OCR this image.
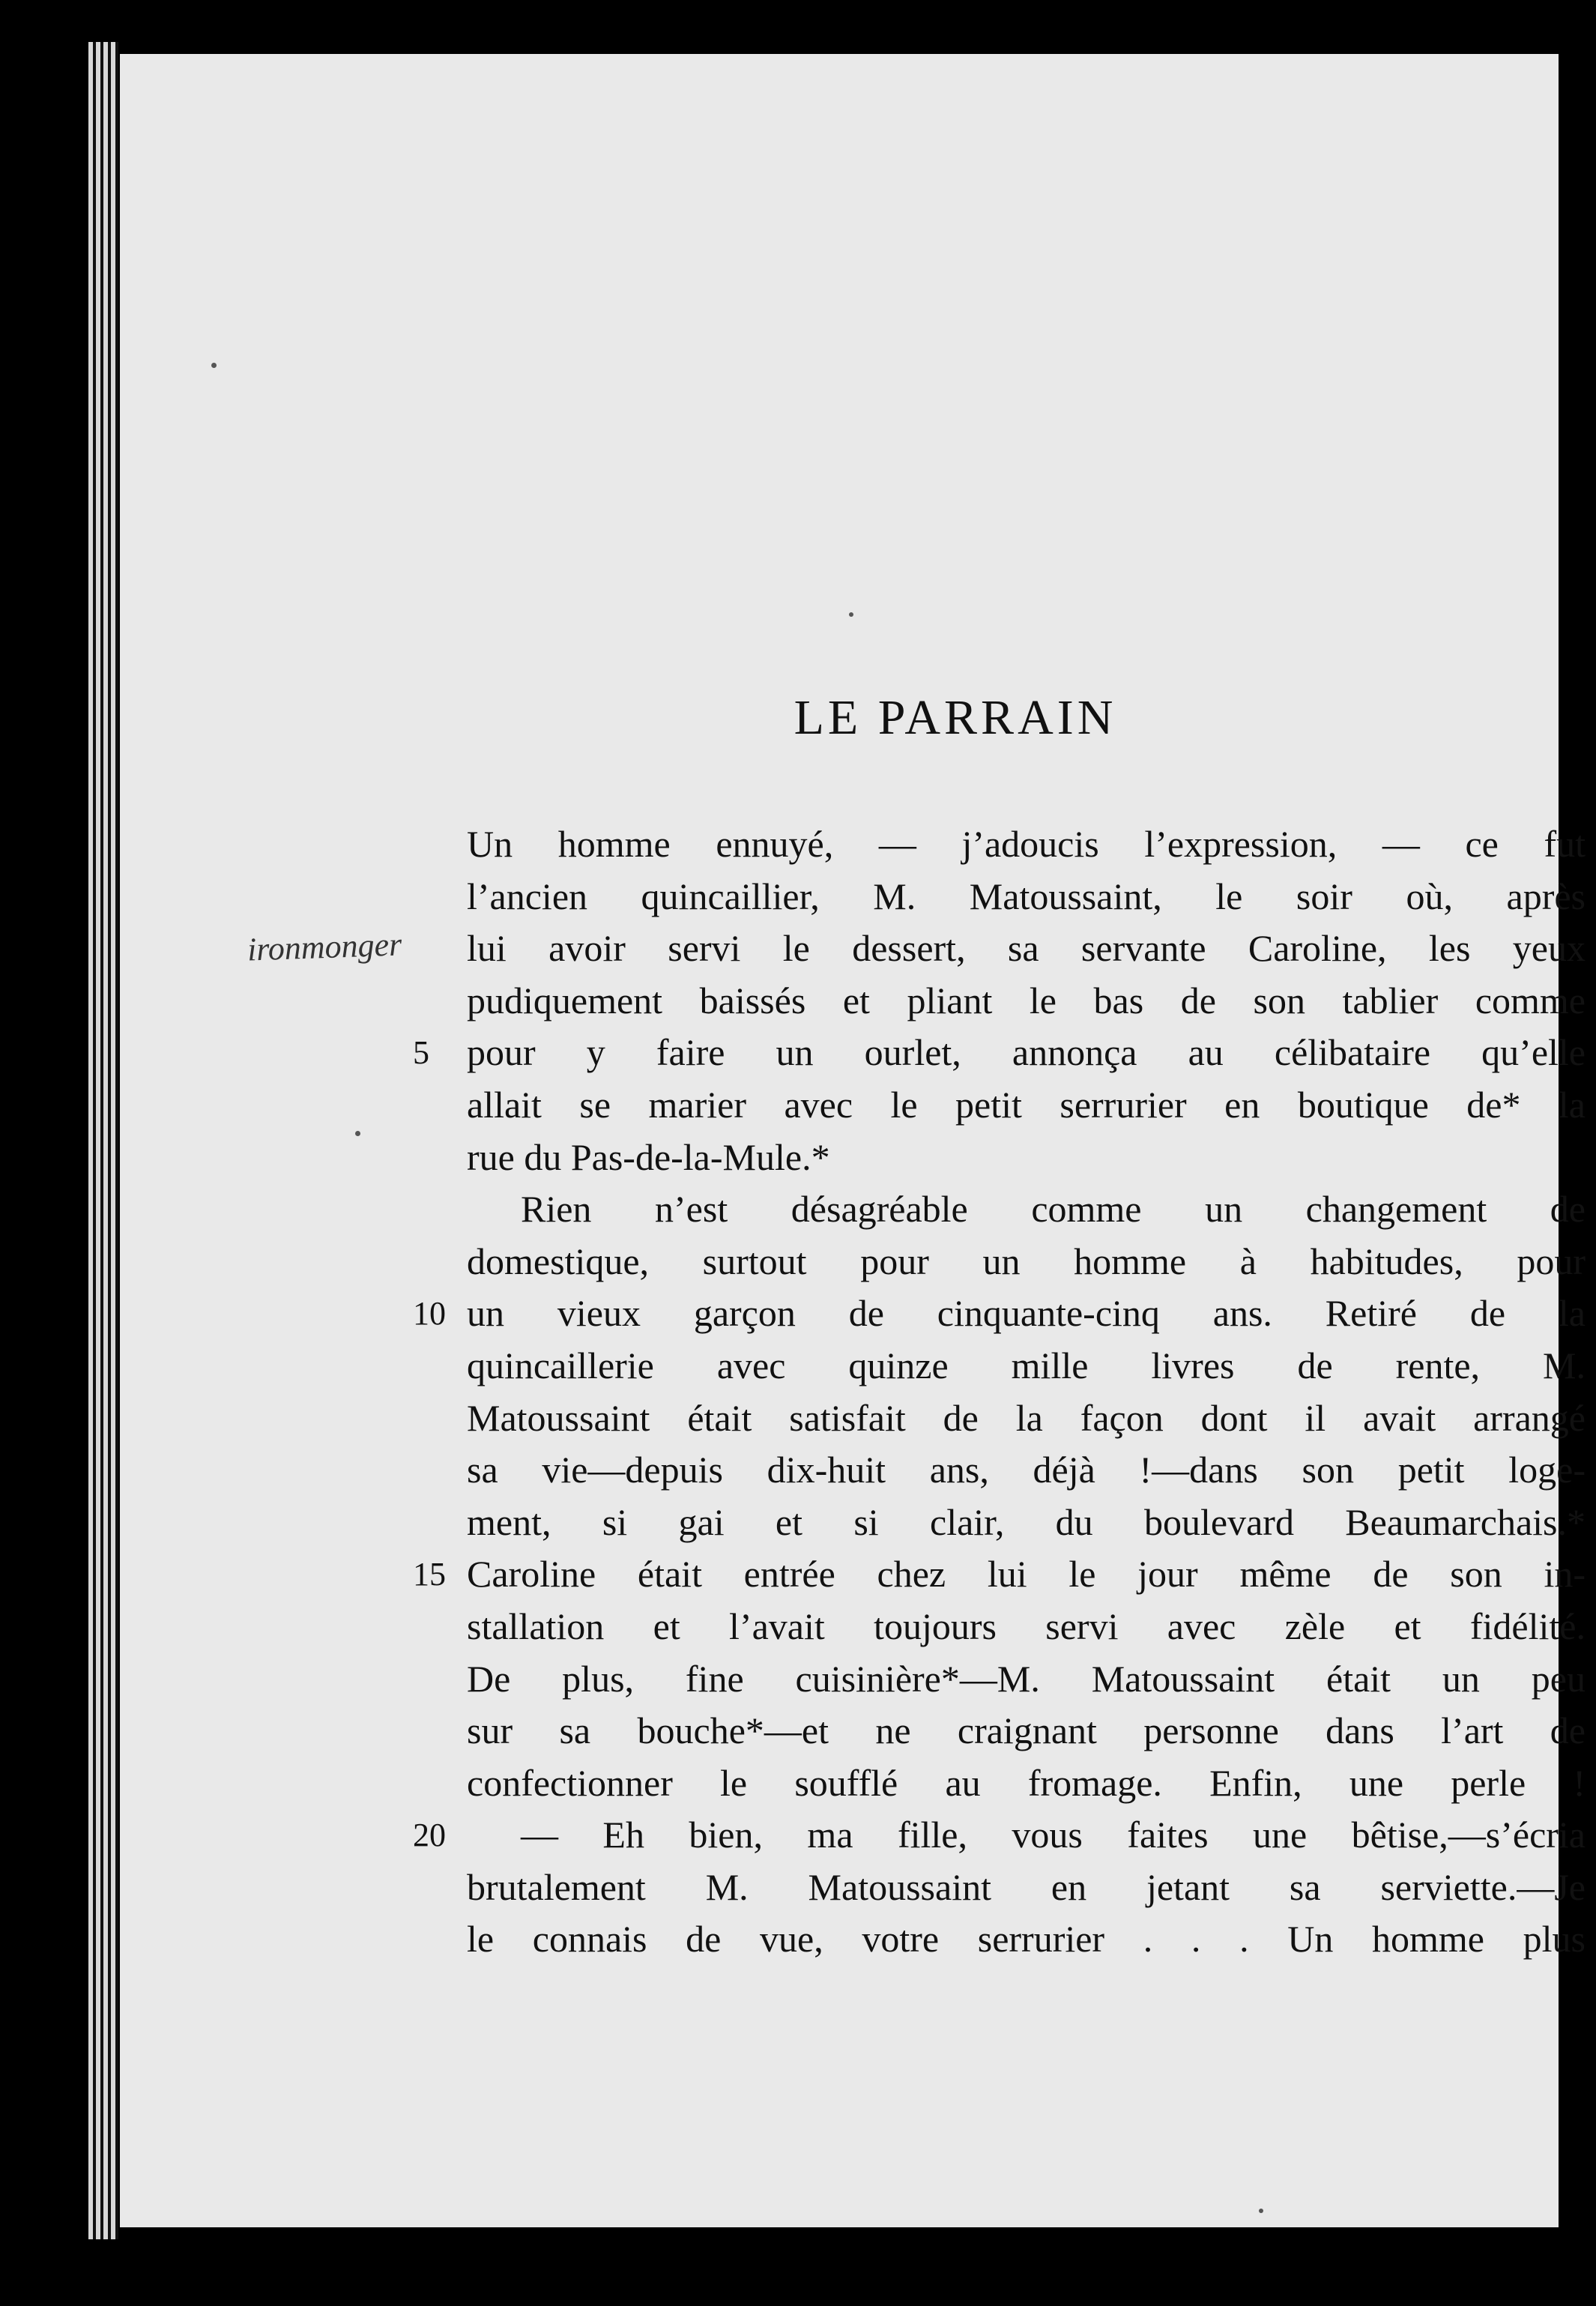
LE PARRAIN
ironmonger
Un homme ennuyé, — j’adoucis l’expression, — ce fut
l’ancien quincaillier, M. Matoussaint, le soir où, après
lui avoir servi le dessert, sa servante Caroline, les yeux
pudiquement baissés et pliant le bas de son tablier comme
5	pour y faire un ourlet, annonça au célibataire qu’elle
allait se marier avec le petit serrurier en boutique de* la
rue du Pas-de-la-Mule.*
Rien n’est désagréable comme un changement de
domestique, surtout pour un homme à habitudes, pour
10 un vieux garçon de cinquante-cinq ans. Retiré de la
quincaillerie avec quinze mille livres de rente, M.
Matoussaint était satisfait de la façon dont il avait arrangé
sa vie—depuis dix-huit ans, déjà !—dans son petit loge-
ment, si gai et si clair, du boulevard Beaumarchais.*
15 Caroline était entrée chez lui le jour même de son in-
stallation et l’avait toujours servi avec zèle et fidélité.
De plus, fine cuisinière*—M. Matoussaint était un peu
sur sa bouche*—et ne craignant personne dans l’art de
confectionner le soufflé au fromage. Enfin, une perle !
20 — Eh bien, ma fille, vous faites une bêtise,—s’écria
brutalement M. Matoussaint en jetant sa serviette.—Je
le connais de vue, votre serrurier . . . Un homme plus
